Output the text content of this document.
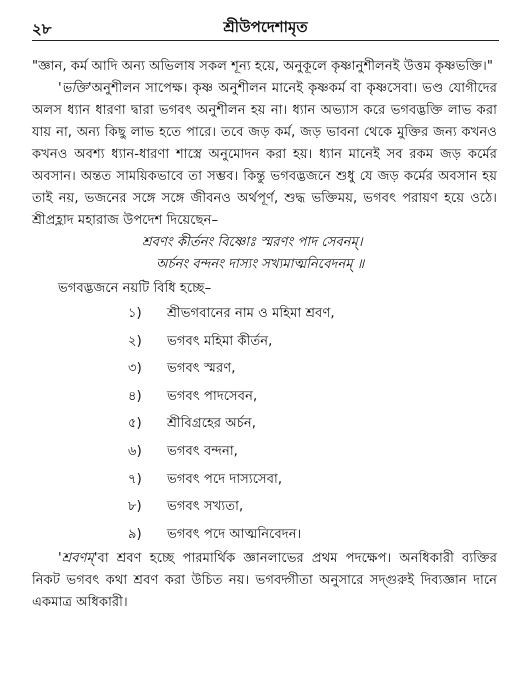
২৮	শ্রীউপদেশামৃত

"জ্ঞান, কর্ম আদি অন্য অভিলাষ সকল শূন্য হয়ে, অনুকূলে কৃষ্ণানুশীলনই উত্তম কৃষ্ণভক্তি।"

'ভক্তি'অনুশীলন সাপেক্ষ। কৃষ্ণ অনুশীলন মানেই কৃষ্ণকর্ম বা কৃষ্ণসেবা। ভণ্ড যোগীদের অলস ধ্যান ধারণা দ্বারা ভগবৎ অনুশীলন হয় না। ধ্যান অভ্যাস করে ভগবদ্ভক্তি লাভ করা যায় না, অন্য কিছু লাভ হতে পারে। তবে জড় কর্ম, জড় ভাবনা থেকে মুক্তির জন্য কখনও কখনও অবশ্য ধ্যান-ধারণা শাস্ত্রে অনুমোদন করা হয়। ধ্যান মানেই সব রকম জড় কর্মের অবসান। অন্তত সাময়িকভাবে তা সম্ভব। কিন্তু ভগবদ্ভজনে শুধু যে জড় কর্মের অবসান হয় তাই নয়, ভজনের সঙ্গে সঙ্গে জীবনও অর্থপূর্ণ, শুদ্ধ ভক্তিময়, ভগবৎ পরায়ণ হয়ে ওঠে। শ্রীপ্রহ্লাদ মহারাজ উপদেশ দিয়েছেন–

শ্রবণং কীর্তনং বিষ্ণোঃ স্মরণং পাদ সেবনম্।

অর্চনং বন্দনং দাস্যং সখ্যমাত্মনিবেদনম্ ॥

ভগবদ্ভজনে নয়টি বিধি হচ্ছে–

১)	শ্রীভগবানের নাম ও মহিমা শ্রবণ,
২)	ভগবৎ মহিমা কীর্তন,
৩)	ভগবৎ স্মরণ,
৪)	ভগবৎ পাদসেবন,
৫)	শ্রীবিগ্রহের অর্চন,
৬)	ভগবৎ বন্দনা,
৭)	ভগবৎ পদে দাস্যসেবা,
৮)	ভগবৎ সখ্যতা,
৯)	ভগবৎ পদে আত্মনিবেদন।

'শ্রবণম্'বা শ্রবণ হচ্ছে পারমার্থিক জ্ঞানলাভের প্রথম পদক্ষেপ। অনধিকারী ব্যক্তির নিকট ভগবৎ কথা শ্রবণ করা উচিত নয়। ভগবদ্গীতা অনুসারে সদ্গুরুই দিব্যজ্ঞান দানে একমাত্র অধিকারী।
